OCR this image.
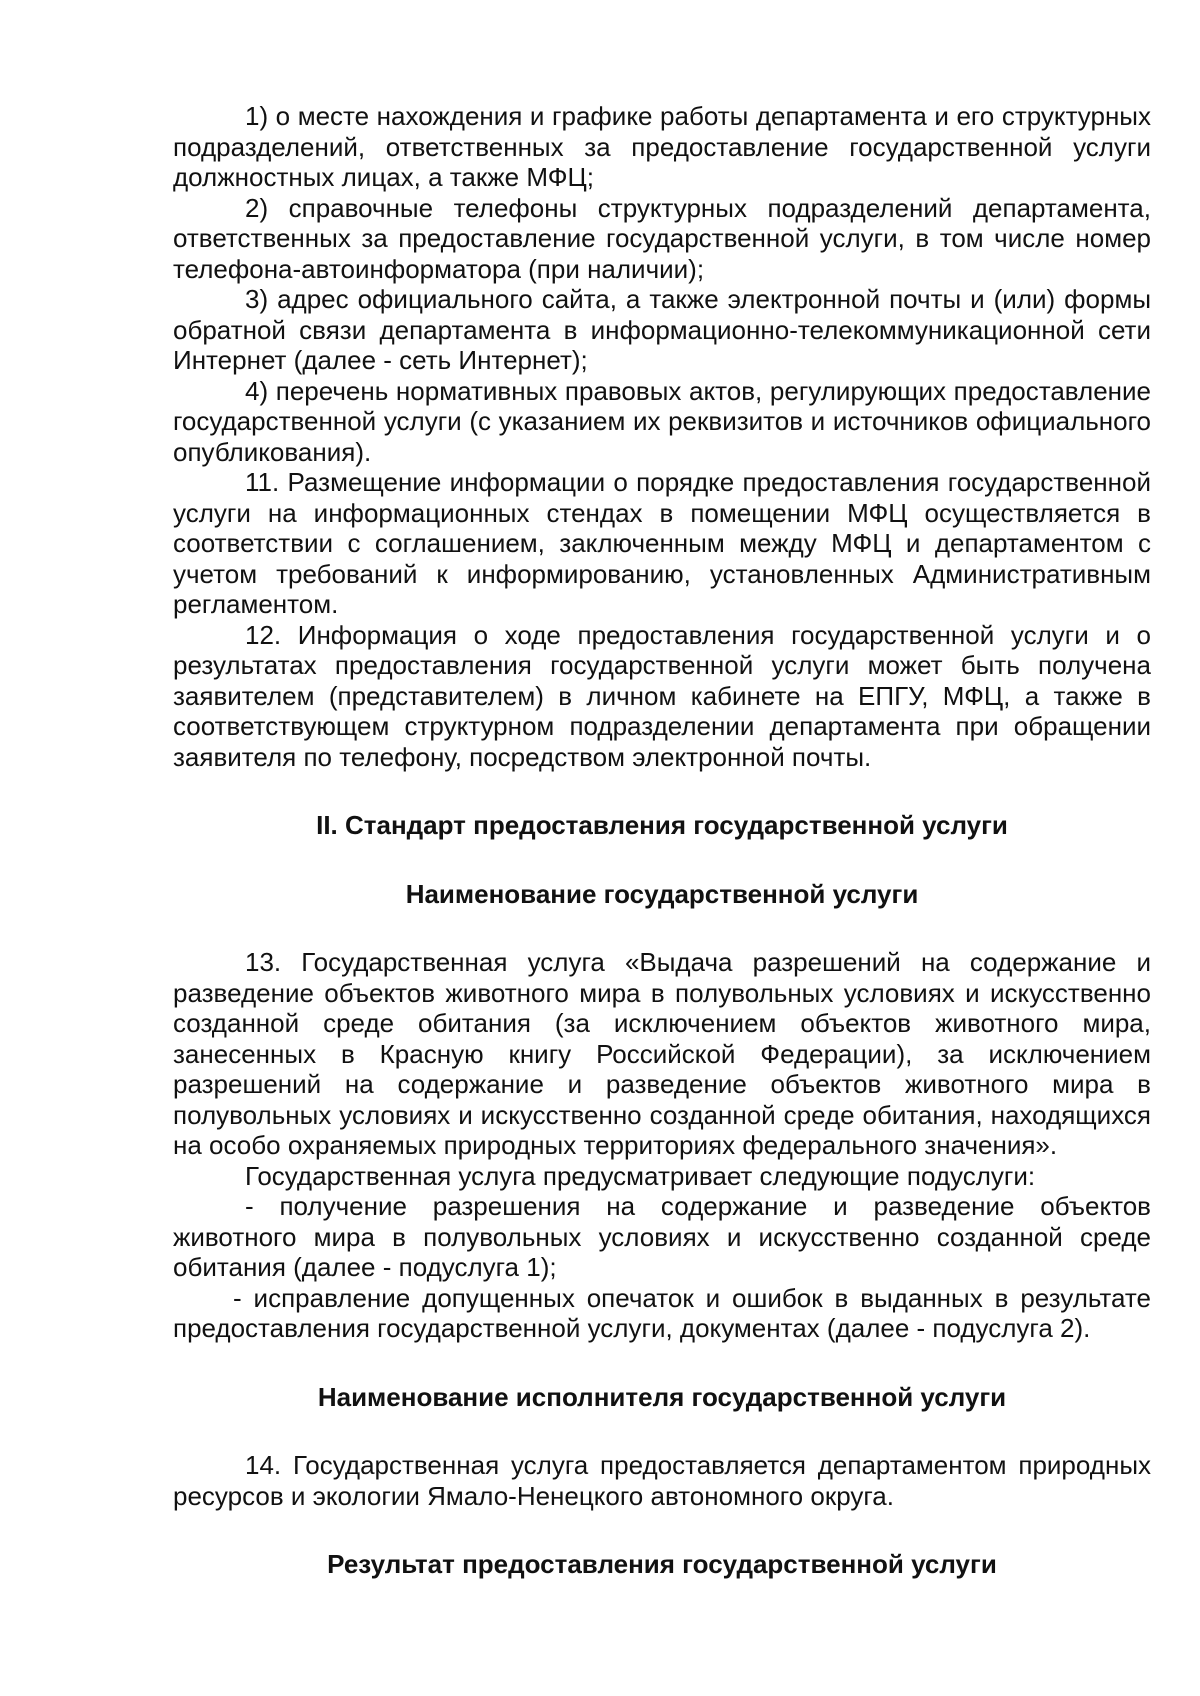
1) о месте нахождения и графике работы департамента и его структурных подразделений, ответственных за предоставление государственной услуги должностных лицах, а также МФЦ;

2) справочные телефоны структурных подразделений департамента, ответственных за предоставление государственной услуги, в том числе номер телефона-автоинформатора (при наличии);

3) адрес официального сайта, а также электронной почты и (или) формы обратной связи департамента в информационно-телекоммуникационной сети Интернет (далее - сеть Интернет);

4) перечень нормативных правовых актов, регулирующих предоставление государственной услуги (с указанием их реквизитов и источников официального опубликования).

11. Размещение информации о порядке предоставления государственной услуги на информационных стендах в помещении МФЦ осуществляется в соответствии с соглашением, заключенным между МФЦ и департаментом с учетом требований к информированию, установленных Административным регламентом.

12. Информация о ходе предоставления государственной услуги и о результатах предоставления государственной услуги может быть получена заявителем (представителем) в личном кабинете на ЕПГУ, МФЦ, а также в соответствующем структурном подразделении департамента при обращении заявителя по телефону, посредством электронной почты.

II. Стандарт предоставления государственной услуги

Наименование государственной услуги

13. Государственная услуга «Выдача разрешений на содержание и разведение объектов животного мира в полувольных условиях и искусственно созданной среде обитания (за исключением объектов животного мира, занесенных в Красную книгу Российской Федерации), за исключением разрешений на содержание и разведение объектов животного мира в полувольных условиях и искусственно созданной среде обитания, находящихся на особо охраняемых природных территориях федерального значения».

Государственная услуга предусматривает следующие подуслуги:

- получение разрешения на содержание и разведение объектов животного мира в полувольных условиях и искусственно созданной среде обитания (далее - подуслуга 1);

- исправление допущенных опечаток и ошибок в выданных в результате предоставления государственной услуги, документах (далее - подуслуга 2).

Наименование исполнителя государственной услуги

14. Государственная услуга предоставляется департаментом природных ресурсов и экологии Ямало-Ненецкого автономного округа.

Результат предоставления государственной услуги
